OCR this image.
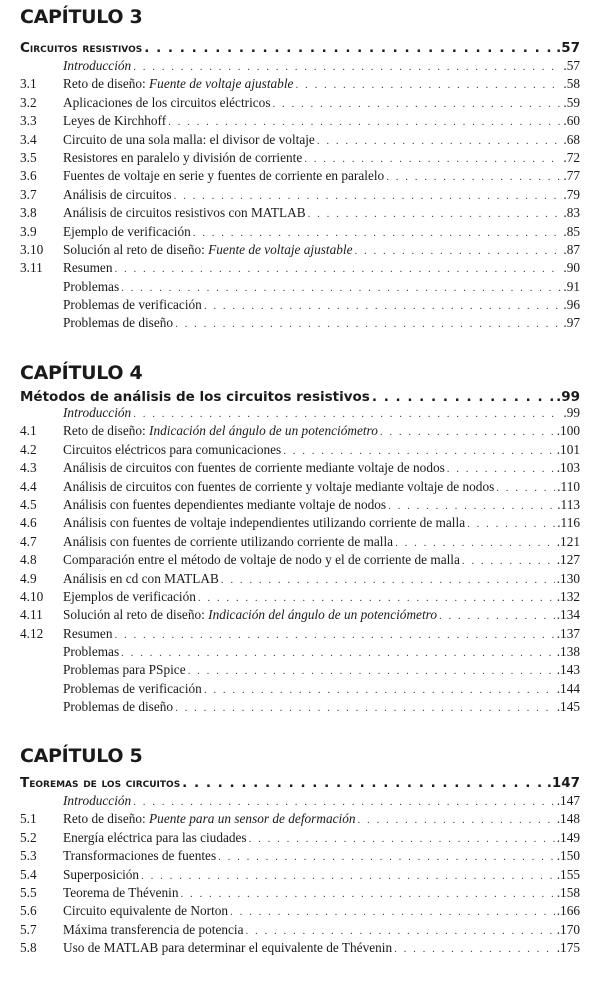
CAPÍTULO 3
Circuitos resistivos . . .	.57
Introducción . . .	.57
3.1	Reto de diseño: Fuente de voltaje ajustable . . .	.58
3.2	Aplicaciones de los circuitos eléctricos . . .	.59
3.3	Leyes de Kirchhoff . . .	.60
3.4	Circuito de una sola malla: el divisor de voltaje . . .	.68
3.5	Resistores en paralelo y división de corriente . . .	.72
3.6	Fuentes de voltaje en serie y fuentes de corriente en paralelo . . .	.77
3.7	Análisis de circuitos . . .	.79
3.8	Análisis de circuitos resistivos con MATLAB . . .	.83
3.9	Ejemplo de verificación . . .	.85
3.10	Solución al reto de diseño: Fuente de voltaje ajustable . . .	.87
3.11	Resumen . . .	.90
Problemas . . .	.91
Problemas de verificación . . .	.96
Problemas de diseño . . .	.97
CAPÍTULO 4
Métodos de análisis de los circuitos resistivos . . .	.99
Introducción . . .	.99
4.1	Reto de diseño: Indicación del ángulo de un potenciómetro . . .	.100
4.2	Circuitos eléctricos para comunicaciones . . .	.101
4.3	Análisis de circuitos con fuentes de corriente mediante voltaje de nodos . . .	.103
4.4	Análisis de circuitos con fuentes de corriente y voltaje mediante voltaje de nodos . . .	.110
4.5	Análisis con fuentes dependientes mediante voltaje de nodos . . .	.113
4.6	Análisis con fuentes de voltaje independientes utilizando corriente de malla . . .	.116
4.7	Análisis con fuentes de corriente utilizando corriente de malla . . .	.121
4.8	Comparación entre el método de voltaje de nodo y el de corriente de malla . . .	.127
4.9	Análisis en cd con MATLAB . . .	.130
4.10	Ejemplos de verificación . . .	.132
4.11	Solución al reto de diseño: Indicación del ángulo de un potenciómetro . . .	.134
4.12	Resumen . . .	.137
Problemas . . .	.138
Problemas para PSpice . . .	.143
Problemas de verificación . . .	.144
Problemas de diseño . . .	.145
CAPÍTULO 5
Teoremas de los circuitos . . .	.147
Introducción . . .	.147
5.1	Reto de diseño: Puente para un sensor de deformación . . .	.148
5.2	Energía eléctrica para las ciudades . . .	.149
5.3	Transformaciones de fuentes . . .	.150
5.4	Superposición . . .	.155
5.5	Teorema de Thévenin . . .	.158
5.6	Circuito equivalente de Norton . . .	.166
5.7	Máxima transferencia de potencia . . .	.170
5.8	Uso de MATLAB para determinar el equivalente de Thévenin . . .	.175
